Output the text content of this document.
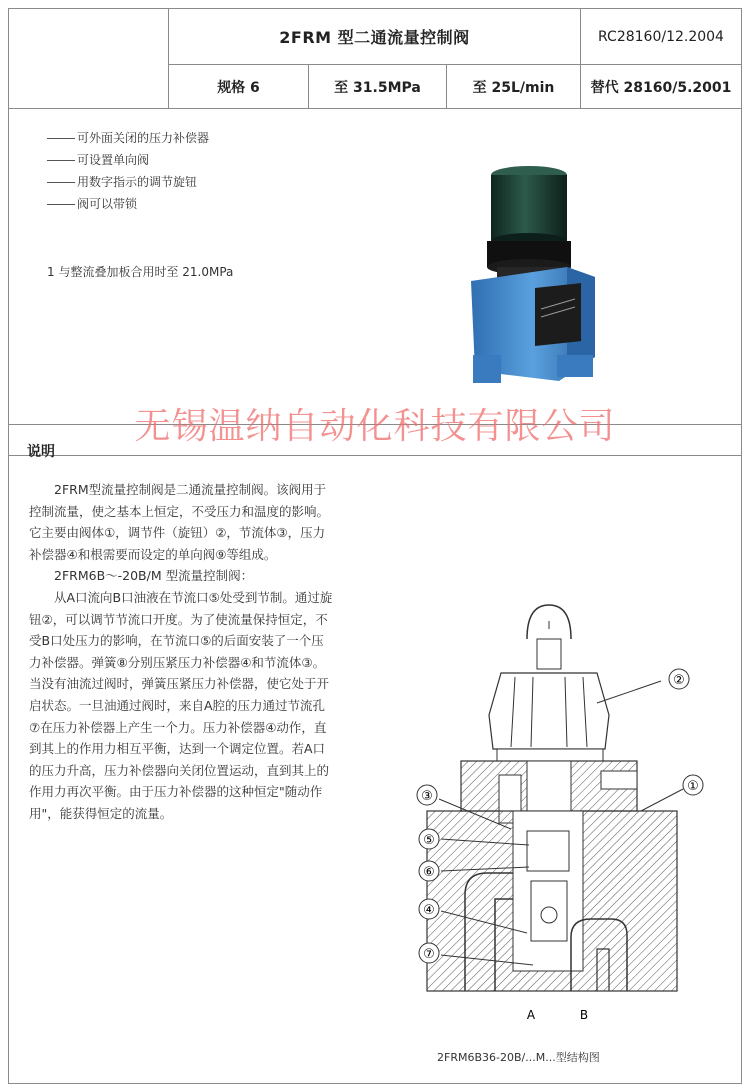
2FRM 型二通流量控制阀	RC28160/12.2004
规格 6	至 31.5MPa	至 25L/min	替代 28160/5.2001
可外面关闭的压力补偿器
可设置单向阀
用数字指示的调节旋钮
阀可以带锁
1 与整流叠加板合用时至 21.0MPa
说明

2FRM型流量控制阀是二通流量控制阀。该阀用于控制流量，使之基本上恒定，不受压力和温度的影响。它主要由阀体①，调节件（旋钮）②，节流体③，压力补偿器④和根需要而设定的单向阀⑨等组成。

2FRM6B～-20B/M 型流量控制阀：

从A口流向B口油液在节流口⑤处受到节制。通过旋钮②，可以调节节流口开度。为了使流量保持恒定，不受B口处压力的影响，在节流口⑤的后面安装了一个压力补偿器。弹簧⑧分别压紧压力补偿器④和节流体③。当没有油流过阀时，弹簧压紧压力补偿器，使它处于开启状态。一旦油通过阀时，来自A腔的压力通过节流孔⑦在压力补偿器上产生一个力。压力补偿器④动作，直到其上的作用力相互平衡，达到一个调定位置。若A口的压力升高，压力补偿器向关闭位置运动，直到其上的作用力再次平衡。由于压力补偿器的这种恒定"随动作用"，能获得恒定的流量。

②
③
①
⑤
⑥
④
⑦
A	B
2FRM6B36-20B/...M...型结构图
无锡温纳自动化科技有限公司
